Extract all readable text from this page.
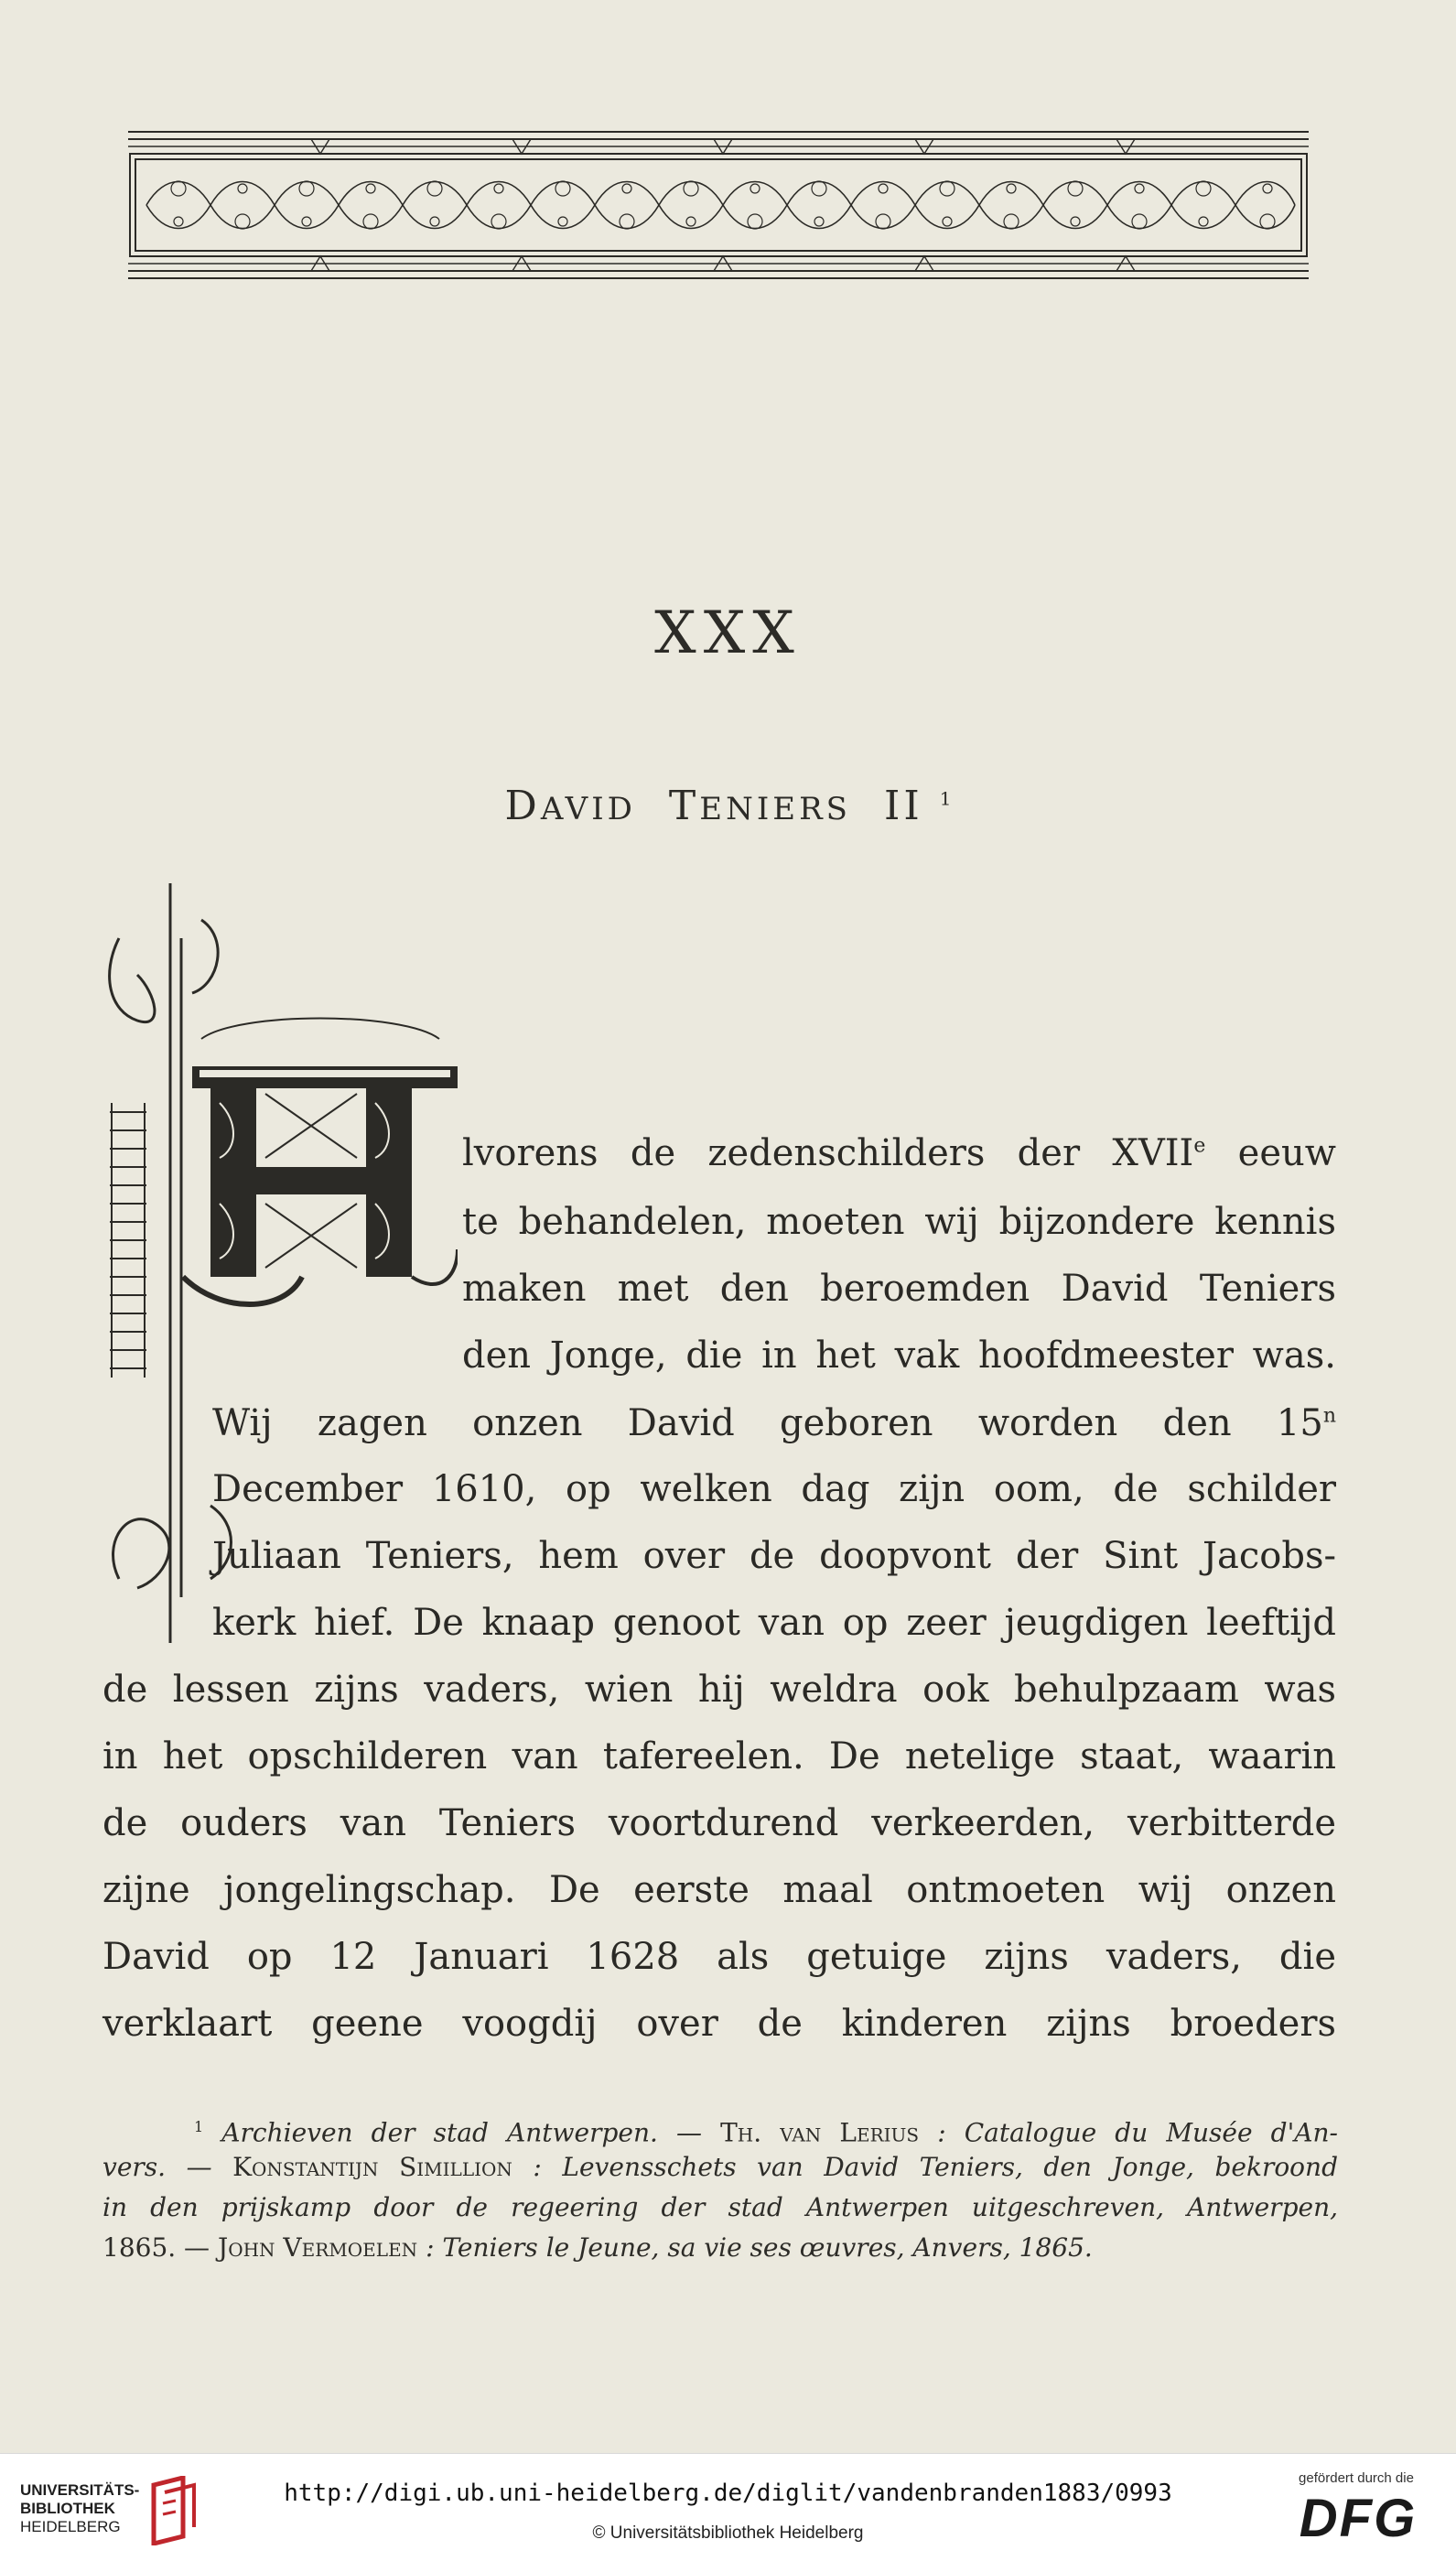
XXX
DAVID TENIERS II $^1$
lvorens de zedenschilders der XVIIe eeuw
te behandelen, moeten wij bijzondere kennis
maken met den beroemden David Teniers
den Jonge, die in het vak hoofdmeester was.
Wij zagen onzen David geboren worden den 15$^n$
December 1610, op welken dag zijn oom, de schilder
Juliaan Teniers, hem over de doopvont der Sint Jacobs-
kerk hief. De knaap genoot van op zeer jeugdigen leeftijd
de lessen zijns vaders, wien hij weldra ook behulpzaam was
in het opschilderen van tafereelen. De netelige staat, waarin
de ouders van Teniers voortdurend verkeerden, verbitterde
zijne jongelingschap. De eerste maal ontmoeten wij onzen
David op 12 Januari 1628 als getuige zijns vaders, die
verklaart geene voogdij over de kinderen zijns broeders
$^1$ Archieven der stad Antwerpen. — Th. van Lerius : Catalogue du Musée d'An-
vers. — Konstantijn Simillion : Levensschets van David Teniers, den Jonge, bekroond
in den prijskamp door de regeering der stad Antwerpen uitgeschreven, Antwerpen,
1865. — John Vermoelen : Teniers le Jeune, sa vie ses œuvres, Anvers, 1865.
UNIVERSITÄTS-
BIBLIOTHEK
HEIDELBERG
http://digi.ub.uni-heidelberg.de/diglit/vandenbranden1883/0993
© Universitätsbibliothek Heidelberg
gefördert durch die
DFG
